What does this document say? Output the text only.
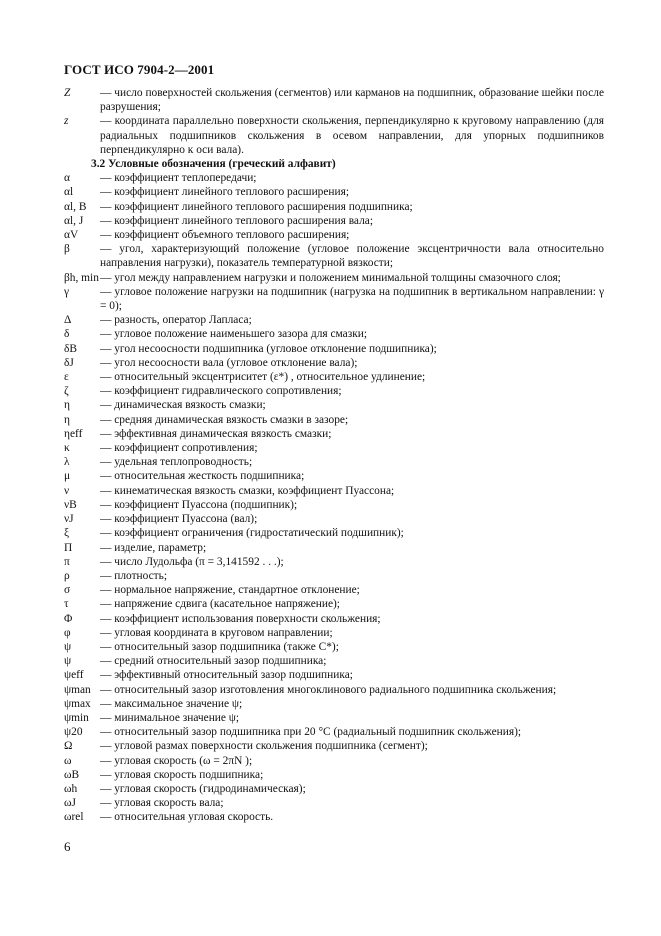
ГОСТ ИСО 7904-2—2001
Z	— число поверхностей скольжения (сегментов) или карманов на подшипник, образование шейки после разрушения;
z	— координата параллельно поверхности скольжения, перпендикулярно к круговому направлению (для радиальных подшипников скольжения в осевом направлении, для упорных подшипников перпендикулярно к оси вала).
3.2 Условные обозначения (греческий алфавит)
α	— коэффициент теплопередачи;
αl	— коэффициент линейного теплового расширения;
αl, B	— коэффициент линейного теплового расширения подшипника;
αl, J	— коэффициент линейного теплового расширения вала;
αV	— коэффициент объемного теплового расширения;
β	— угол, характеризующий положение (угловое положение эксцентричности вала относительно направления нагрузки), показатель температурной вязкости;
βh, min — угол между направлением нагрузки и положением минимальной толщины смазочного слоя;
γ	— угловое положение нагрузки на подшипник (нагрузка на подшипник в вертикальном направлении: γ = 0);
Δ	— разность, оператор Лапласа;
δ	— угловое положение наименьшего зазора для смазки;
δB	— угол несоосности подшипника (угловое отклонение подшипника);
δJ	— угол несоосности вала (угловое отклонение вала);
ε	— относительный эксцентриситет (ε*) , относительное удлинение;
ζ	— коэффициент гидравлического сопротивления;
η	— динамическая вязкость смазки;
η	— средняя динамическая вязкость смазки в зазоре;
ηeff	— эффективная динамическая вязкость смазки;
κ	— коэффициент сопротивления;
λ	— удельная теплопроводность;
μ	— относительная жесткость подшипника;
ν	— кинематическая вязкость смазки, коэффициент Пуассона;
νB	— коэффициент Пуассона (подшипник);
νJ	— коэффициент Пуассона (вал);
ξ	— коэффициент ограничения (гидростатический подшипник);
Π	— изделие, параметр;
π	— число Лудольфа (π = 3,141592 . . .);
ρ	— плотность;
σ	— нормальное напряжение, стандартное отклонение;
τ	— напряжение сдвига (касательное напряжение);
Φ	— коэффициент использования поверхности скольжения;
φ	— угловая координата в круговом направлении;
ψ	— относительный зазор подшипника (также C*);
ψ	— средний относительный зазор подшипника;
ψeff	— эффективный относительный зазор подшипника;
ψman — относительный зазор изготовления многоклинового радиального подшипника скольжения;
ψmax — максимальное значение ψ;
ψmin — минимальное значение ψ;
ψ20	— относительный зазор подшипника при 20 °С (радиальный подшипник скольжения);
Ω	— угловой размах поверхности скольжения подшипника (сегмент);
ω	— угловая скорость (ω = 2πN );
ωB	— угловая скорость подшипника;
ωh	— угловая скорость (гидродинамическая);
ωJ	— угловая скорость вала;
ωrel	— относительная угловая скорость.
6
